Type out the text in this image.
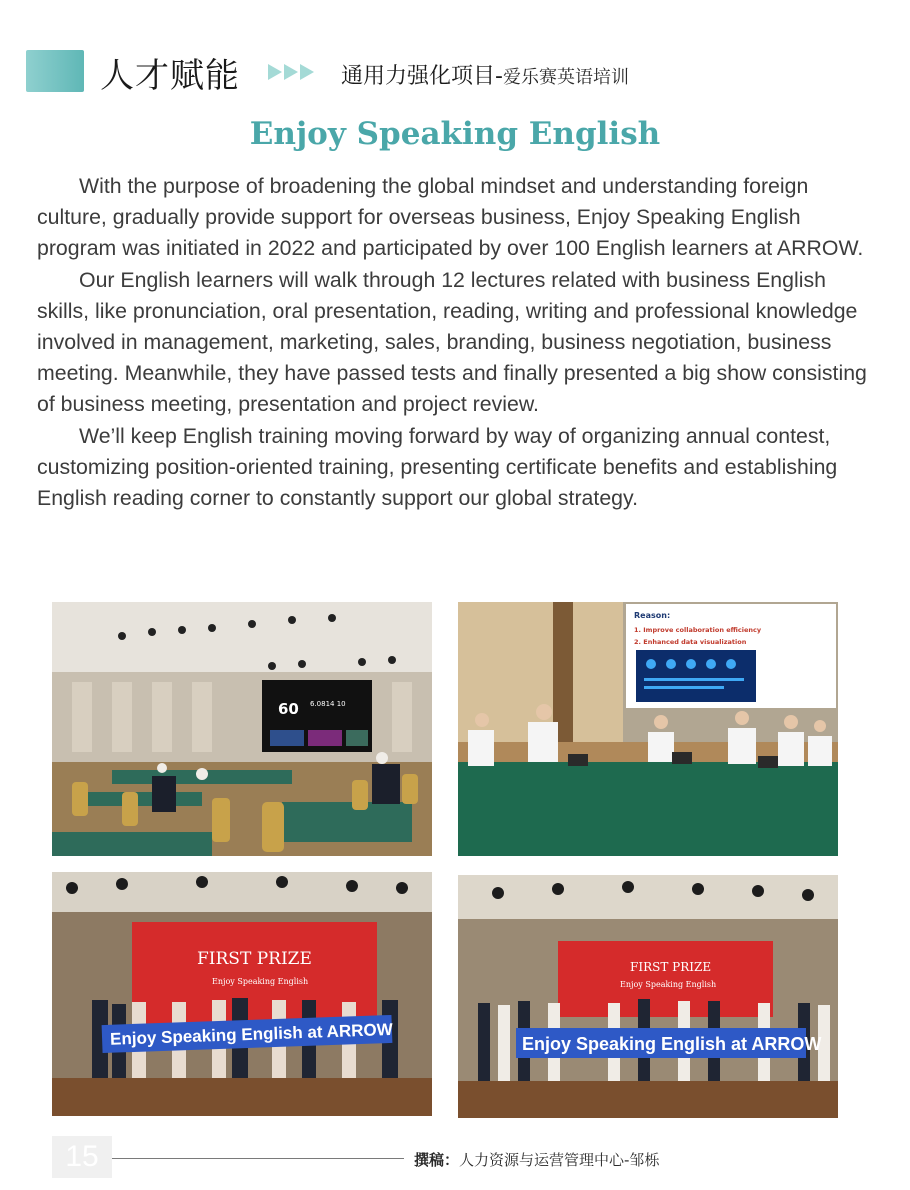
人才赋能	通用力强化项目-爱乐赛英语培训
Enjoy Speaking English

With the purpose of broadening the global mindset and understanding foreign culture, gradually provide support for overseas business, Enjoy Speaking English program was initiated in 2022 and participated by over 100 English learners at ARROW.

Our English learners will walk through 12 lectures related with business English skills, like pronunciation, oral presentation, reading, writing and professional knowledge involved in management, marketing, sales, branding, business negotiation, business meeting. Meanwhile, they have passed tests and finally presented a big show consisting of business meeting, presentation and project review.

We’ll keep English training moving forward by way of organizing annual contest, customizing position-oriented training, presenting certificate benefits and establishing English reading corner to constantly support our global strategy.

60 6.0814 10
Reason:
1. Improve collaboration efficiency
2. Enhanced data visualization
FIRST PRIZE
Enjoy Speaking English
Enjoy Speaking English at ARROW
FIRST PRIZE
Enjoy Speaking English
Enjoy Speaking English at ARROW
15	撰稿：人力资源与运营管理中心-邹栎
